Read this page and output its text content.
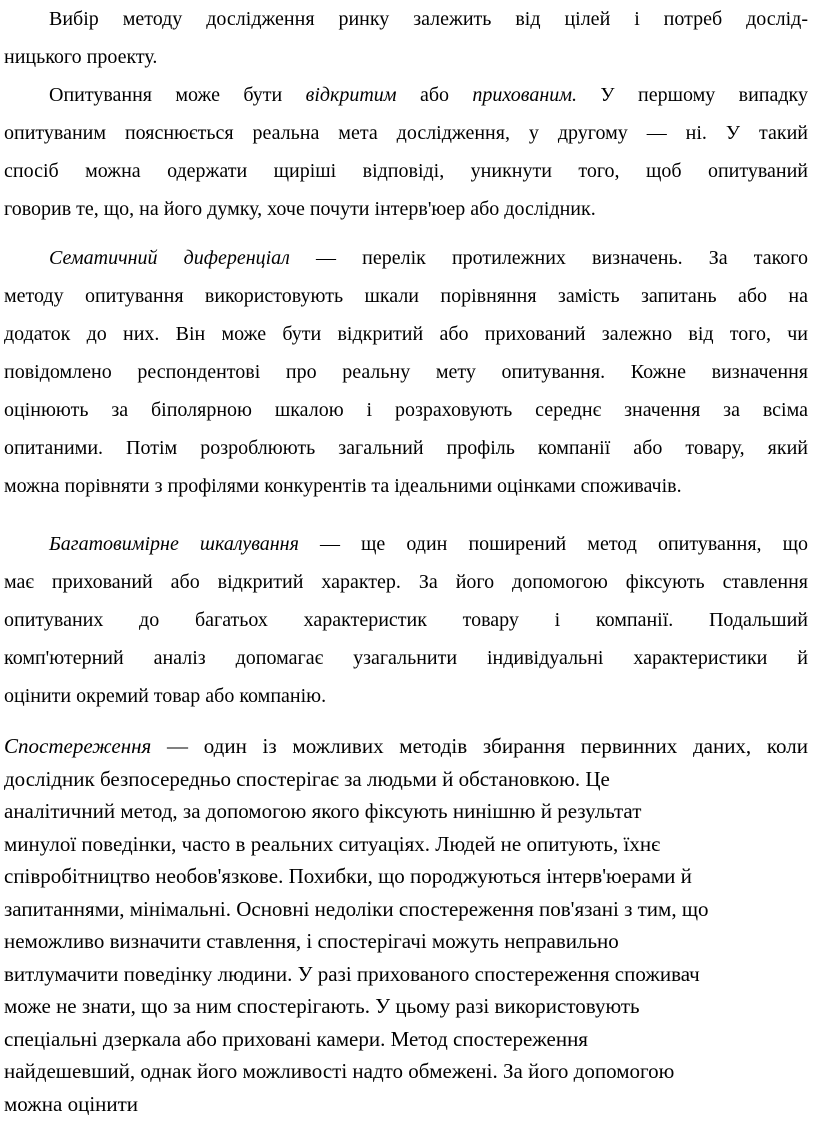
Вибір методу дослідження ринку залежить від цілей і потреб дослід-
ницького проекту.
Опитування може бути відкритим або прихованим. У першому випадку
опитуваним пояснюється реальна мета дослідження, у другому — ні. У такий
спосіб можна одержати щиріші відповіді, уникнути того, щоб опитуваний
говорив те, що, на його думку, хоче почути інтерв'юер або дослідник.
Сематичний диференціал — перелік протилежних визначень. За такого
методу опитування використовують шкали порівняння замість запитань або на
додаток до них. Він може бути відкритий або прихований залежно від того, чи
повідомлено респондентові про реальну мету опитування. Кожне визначення
оцінюють за біполярною шкалою і розраховують середнє значення за всіма
опитаними. Потім розроблюють загальний профіль компанії або товару, який
можна порівняти з профілями конкурентів та ідеальними оцінками споживачів.
Багатовимірне шкалування — ще один поширений метод опитування, що
має прихований або відкритий характер. За його допомогою фіксують ставлення
опитуваних до багатьох характеристик товару і компанії. Подальший
комп'ютерний аналіз допомагає узагальнити індивідуальні характеристики й
оцінити окремий товар або компанію.
Спостереження — один із можливих методів збирання первинних даних, коли
дослідник безпосередньо спостерігає за людьми й обстановкою. Це
аналітичний метод, за допомогою якого фіксують нинішню й результат
минулої поведінки, часто в реальних ситуаціях. Людей не опитують, їхнє
співробітництво необов'язкове. Похибки, що породжуються інтерв'юерами й
запитаннями, мінімальні. Основні недоліки спостереження пов'язані з тим, що
неможливо визначити ставлення, і спостерігачі можуть неправильно
витлумачити поведінку людини. У разі прихованого спостереження споживач
може не знати, що за ним спостерігають. У цьому разі використовують
спеціальні дзеркала або приховані камери. Метод спостереження
найдешевший, однак його можливості надто обмежені. За його допомогою
можна оцінити
